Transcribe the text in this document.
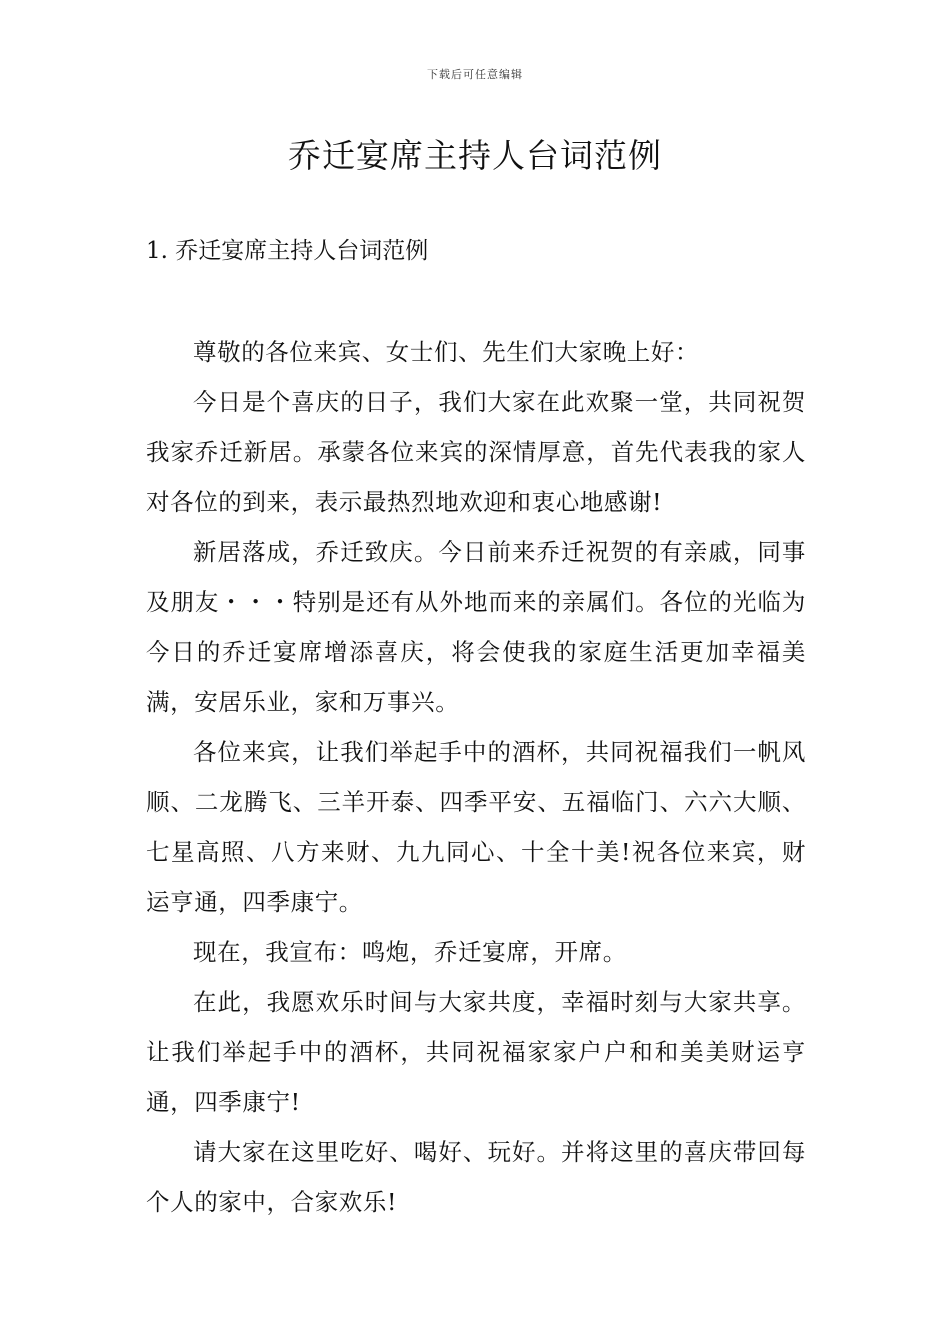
下载后可任意编辑
乔迁宴席主持人台词范例
1. 乔迁宴席主持人台词范例

尊敬的各位来宾、女士们、先生们大家晚上好：

今日是个喜庆的日子，我们大家在此欢聚一堂，共同祝贺我家乔迁新居。承蒙各位来宾的深情厚意，首先代表我的家人对各位的到来，表示最热烈地欢迎和衷心地感谢!

新居落成，乔迁致庆。今日前来乔迁祝贺的有亲戚，同事及朋友・・・特别是还有从外地而来的亲属们。各位的光临为今日的乔迁宴席增添喜庆，将会使我的家庭生活更加幸福美满，安居乐业，家和万事兴。

各位来宾，让我们举起手中的酒杯，共同祝福我们一帆风顺、二龙腾飞、三羊开泰、四季平安、五福临门、六六大顺、七星高照、八方来财、九九同心、十全十美!祝各位来宾，财运亨通，四季康宁。

现在，我宣布：鸣炮，乔迁宴席，开席。

在此，我愿欢乐时间与大家共度，幸福时刻与大家共享。让我们举起手中的酒杯，共同祝福家家户户和和美美财运亨通，四季康宁!

请大家在这里吃好、喝好、玩好。并将这里的喜庆带回每个人的家中，合家欢乐!
